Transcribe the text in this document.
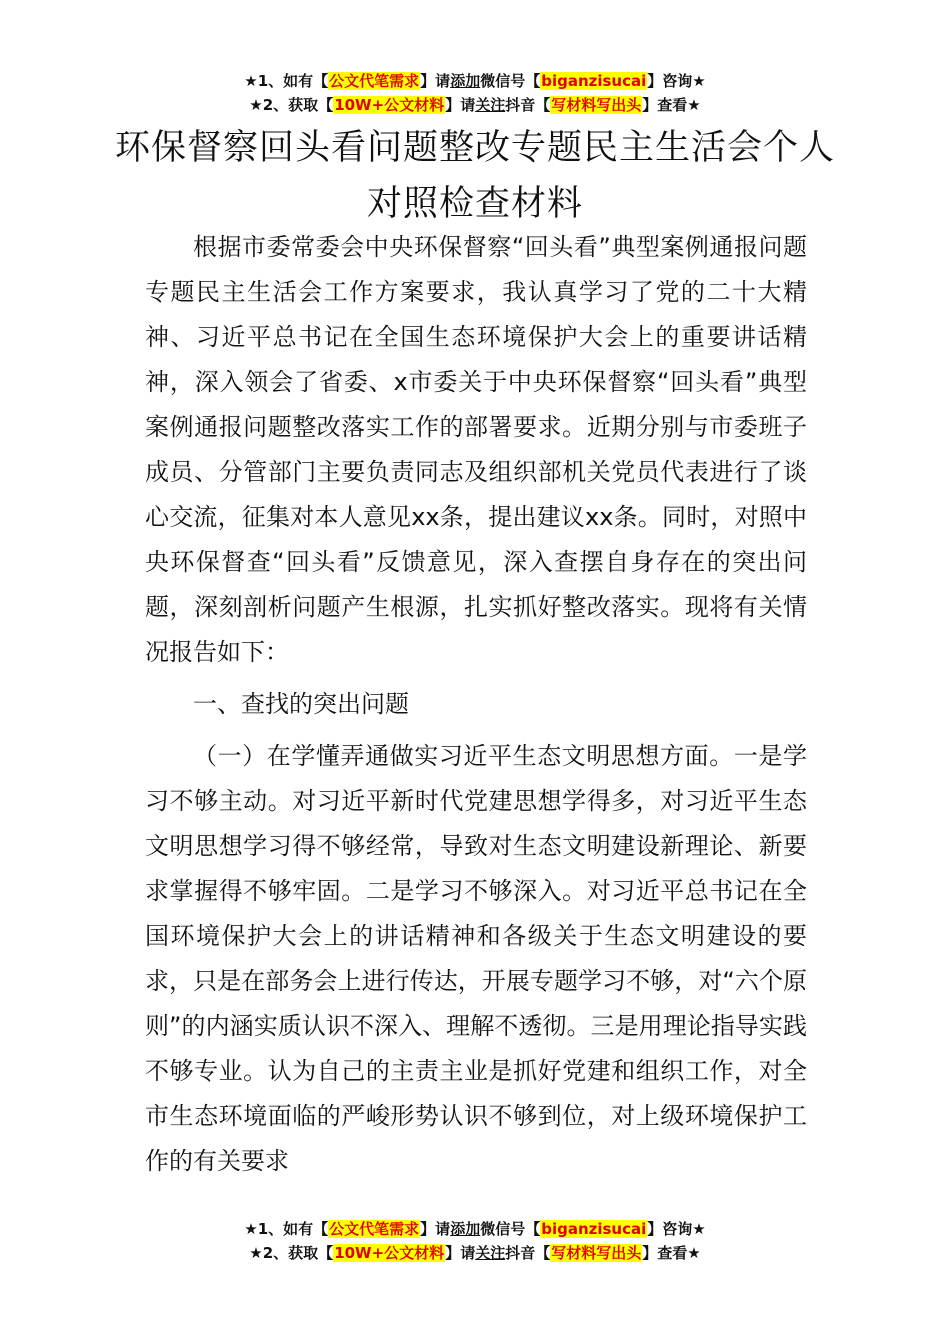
★1、如有【公文代笔需求】请添加微信号【biganzisucai】咨询★
★2、获取【10W+公文材料】请关注抖音【写材料写出头】查看★
环保督察回头看问题整改专题民主生活会个人对照检查材料

根据市委常委会中央环保督察“回头看”典型案例通报问题专题民主生活会工作方案要求，我认真学习了党的二十大精神、习近平总书记在全国生态环境保护大会上的重要讲话精神，深入领会了省委、x市委关于中央环保督察“回头看”典型案例通报问题整改落实工作的部署要求。近期分别与市委班子成员、分管部门主要负责同志及组织部机关党员代表进行了谈心交流，征集对本人意见xx条，提出建议xx条。同时，对照中央环保督查“回头看”反馈意见，深入查摆自身存在的突出问题，深刻剖析问题产生根源，扎实抓好整改落实。现将有关情况报告如下：

一、查找的突出问题

（一）在学懂弄通做实习近平生态文明思想方面。一是学习不够主动。对习近平新时代党建思想学得多，对习近平生态文明思想学习得不够经常，导致对生态文明建设新理论、新要求掌握得不够牢固。二是学习不够深入。对习近平总书记在全国环境保护大会上的讲话精神和各级关于生态文明建设的要求，只是在部务会上进行传达，开展专题学习不够，对“六个原则”的内涵实质认识不深入、理解不透彻。三是用理论指导实践不够专业。认为自己的主责主业是抓好党建和组织工作，对全市生态环境面临的严峻形势认识不够到位，对上级环境保护工作的有关要求

★1、如有【公文代笔需求】请添加微信号【biganzisucai】咨询★
★2、获取【10W+公文材料】请关注抖音【写材料写出头】查看★
